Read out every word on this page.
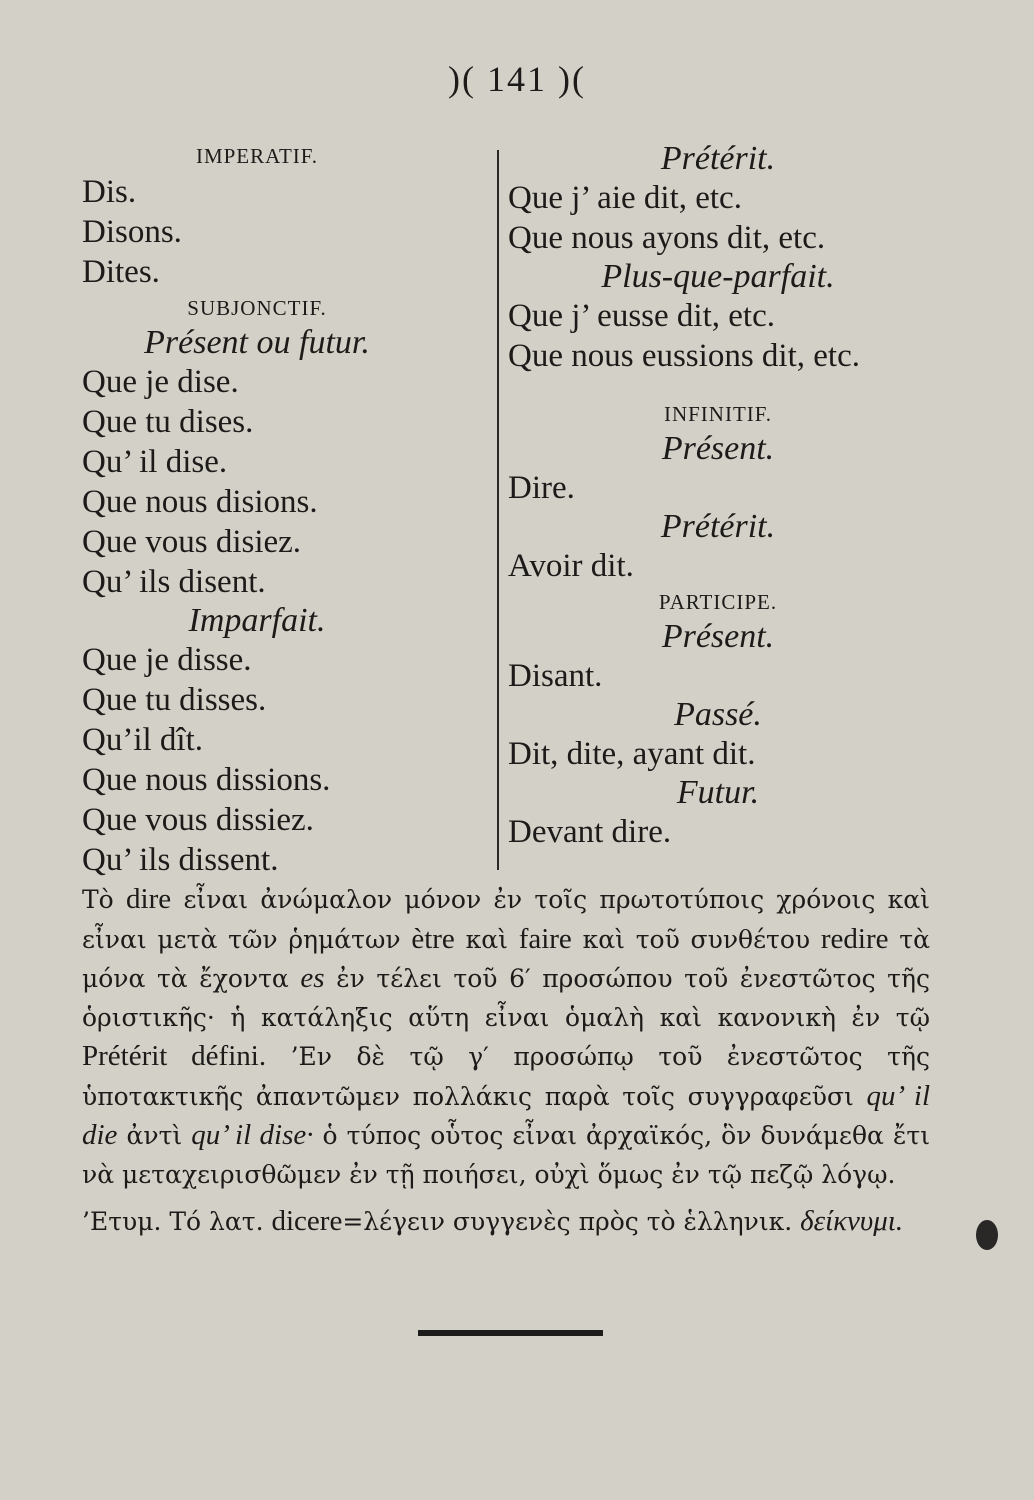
)( 141 )(
IMPERATIF.
Dis.
Disons.
Dites.
SUBJONCTIF.
Présent ou futur.
Que je dise.
Que tu dises.
Qu’ il dise.
Que nous disions.
Que vous disiez.
Qu’ ils disent.
Imparfait.
Que je disse.
Que tu disses.
Qu’il dît.
Que nous dissions.
Que vous dissiez.
Qu’ ils dissent.
Prétérit.
Que j’ aie dit, etc.
Que nous ayons dit, etc.
Plus-que-parfait.
Que j’ eusse dit, etc.
Que nous eussions dit, etc.
INFINITIF.
Présent.
Dire.
Prétérit.
Avoir dit.
PARTICIPE.
Présent.
Disant.
Passé.
Dit, dite, ayant dit.
Futur.
Devant dire.

Τὸ dire εἶναι ἀνώμαλον μόνον ἐν τοῖς πρωτοτύποις χρόνοις καὶ εἶναι μετὰ τῶν ῥημάτων ètre καὶ faire καὶ τοῦ συνθέτου redire τὰ μόνα τὰ ἔχοντα es ἐν τέλει τοῦ 6′ προσώπου τοῦ ἐνεστῶτος τῆς ὁριστικῆς· ἡ κατάληξις αὕτη εἶναι ὁμαλὴ καὶ κανονικὴ ἐν τῷ Prétérit défini. ’Εν δὲ τῷ γ′ προσώπῳ τοῦ ἐνεστῶτος τῆς ὑποτακτικῆς ἀπαντῶμεν πολλάκις παρὰ τοῖς συγγραφεῦσι qu’ il die ἀντὶ qu’ il dise· ὁ τύπος οὗτος εἶναι ἀρχαϊκός, ὃν δυνάμεθα ἔτι νὰ μεταχειρισθῶμεν ἐν τῇ ποιήσει, οὐχὶ ὅμως ἐν τῷ πεζῷ λόγῳ.

’Ετυμ. Τό λατ. dicere=λέγειν συγγενὲς πρὸς τὸ ἑλληνικ. δείκνυμι.
